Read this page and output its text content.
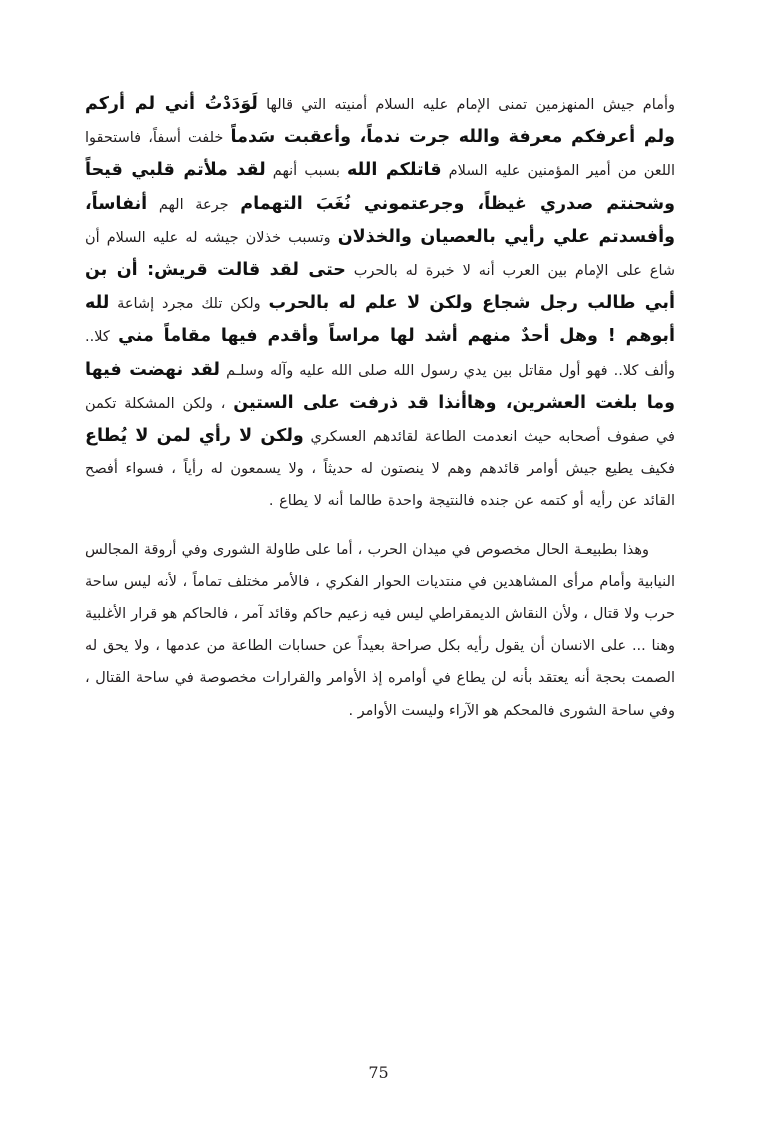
وأمام جيش المنهزمين تمنى الإمام عليه السلام أمنيته التي قالها لَوَدَدْتُ أني لم أركم ولم أعرفكم معرفة والله جرت ندماً، وأعقبت سَدماً خلفت أسفاً، فاستحقوا اللعن من أمير المؤمنين عليه السلام قاتلكم الله بسبب أنهم لقد ملأتم قلبي قيحاً وشحنتم صدري غيظاً، وجرعتموني نُغَبَ التهمام جرعة الهم أنفاساً، وأفسدتم علي رأيي بالعصيان والخذلان وتسبب خذلان جيشه له عليه السلام أن شاع على الإمام بين العرب أنه لا خبرة له بالحرب حتى لقد قالت قريش: أن بن أبي طالب رجل شجاع ولكن لا علم له بالحرب ولكن تلك مجرد إشاعة لله أبوهم ! وهل أحدٌ منهم أشد لها مراساً وأقدم فيها مقاماً مني كلا.. وألف كلا.. فهو أول مقاتل بين يدي رسول الله صلى الله عليه وآله وسلـم لقد نهضت فيها وما بلغت العشرين، وهاأنذا قد ذرفت على الستين ، ولكن المشكلة تكمن في صفوف أصحابه حيث انعدمت الطاعة لقائدهم العسكري ولكن لا رأي لمن لا يُطاع فكيف يطيع جيش أوامر قائدهم وهم لا ينصتون له حديثاً ، ولا يسمعون له رأياً ، فسواء أفصح القائد عن رأيه أو كتمه عن جنده فالنتيجة واحدة طالما أنه لا يطاع .

وهذا بطبيعـة الحال مخصوص في ميدان الحرب ، أما على طاولة الشورى وفي أروقة المجالس النيابية وأمام مرأى المشاهدين في منتديات الحوار الفكري ، فالأمر مختلف تماماً ، لأنه ليس ساحة حرب ولا قتال ، ولأن النقاش الديمقراطي ليس فيه زعيم حاكم وقائد آمر ، فالحاكم هو قرار الأغلبية وهنا ... على الانسان أن يقول رأيه بكل صراحة بعيداً عن حسابات الطاعة من عدمها ، ولا يحق له الصمت بحجة أنه يعتقد بأنه لن يطاع في أوامره إذ الأوامر والقرارات مخصوصة في ساحة القتال ، وفي ساحة الشورى فالمحكم هو الآراء وليست الأوامر .

75
